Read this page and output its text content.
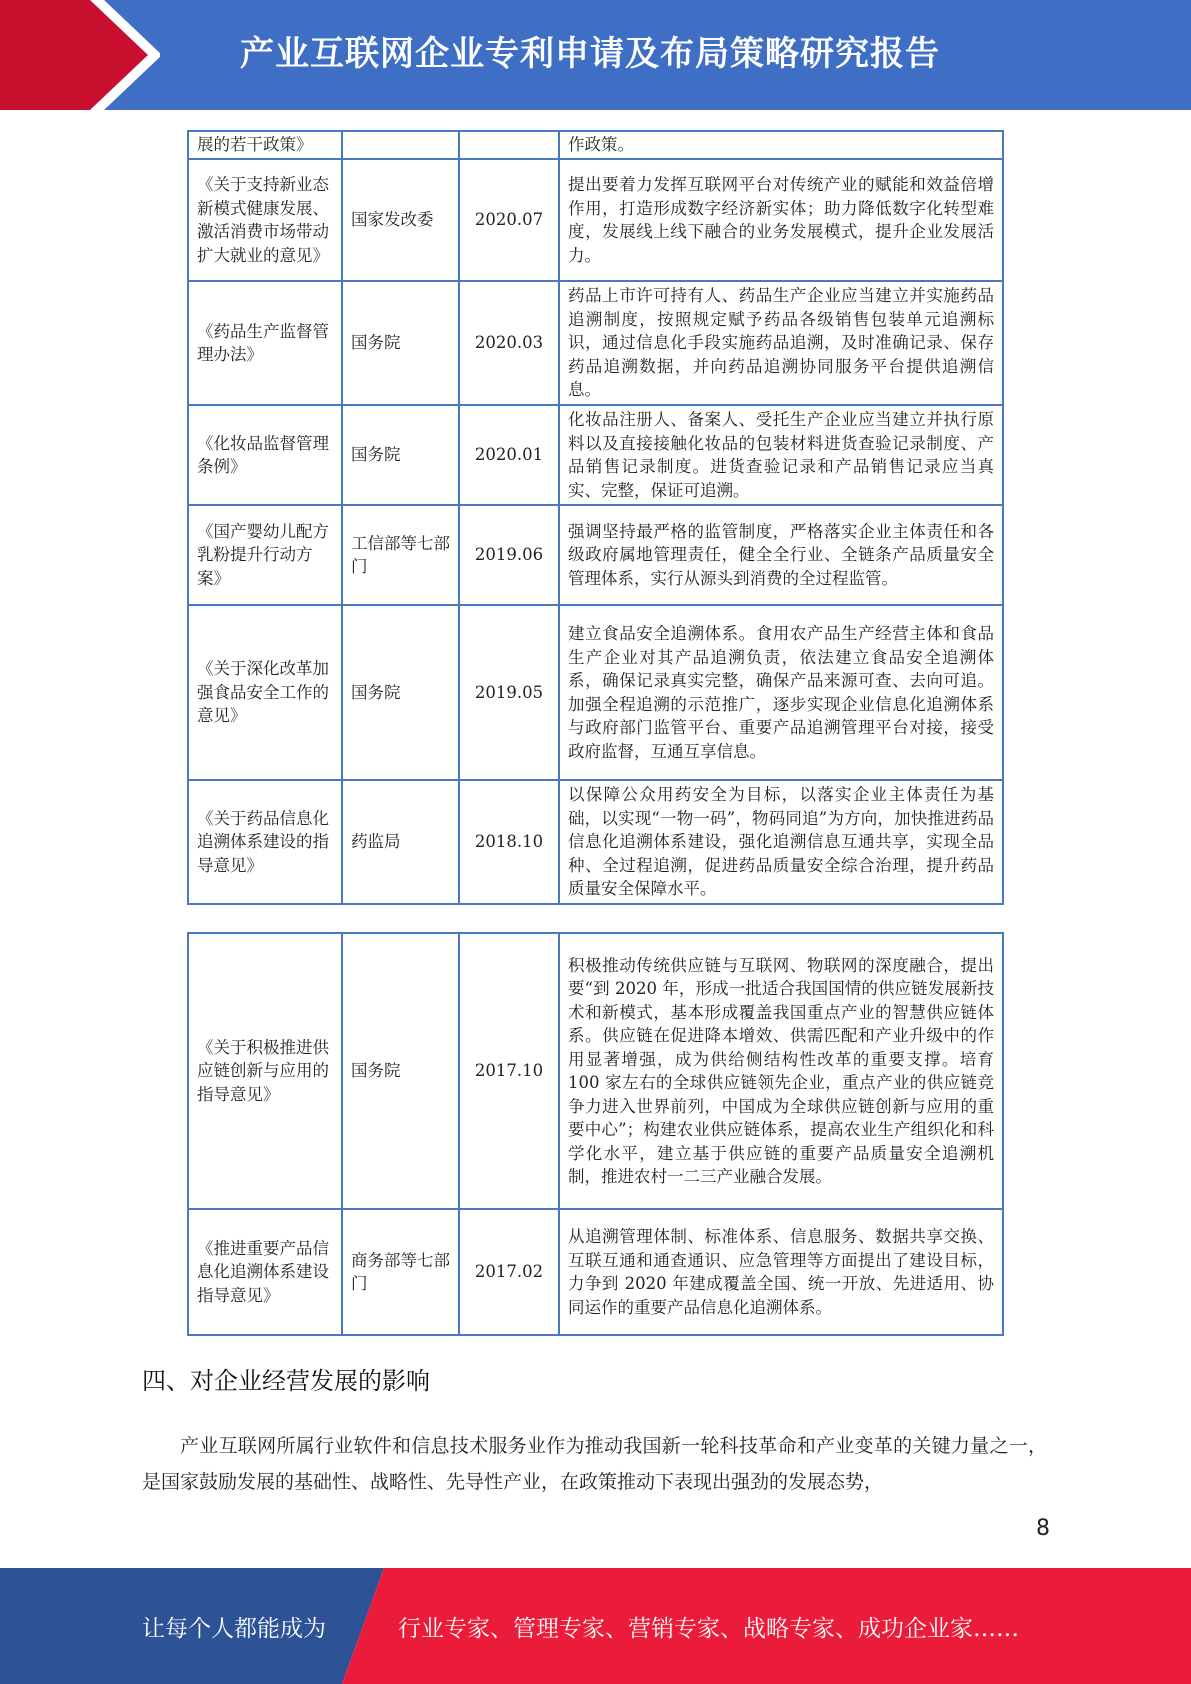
产业互联网企业专利申请及布局策略研究报告
展的若干政策》			作政策。
《关于支持新业态新模式健康发展、激活消费市场带动扩大就业的意见》	国家发改委	2020.07	提出要着力发挥互联网平台对传统产业的赋能和效益倍增作用，打造形成数字经济新实体；助力降低数字化转型难度，发展线上线下融合的业务发展模式，提升企业发展活力。
《药品生产监督管理办法》	国务院	2020.03	药品上市许可持有人、药品生产企业应当建立并实施药品追溯制度，按照规定赋予药品各级销售包装单元追溯标识，通过信息化手段实施药品追溯，及时准确记录、保存药品追溯数据，并向药品追溯协同服务平台提供追溯信息。
《化妆品监督管理条例》	国务院	2020.01	化妆品注册人、备案人、受托生产企业应当建立并执行原料以及直接接触化妆品的包装材料进货查验记录制度、产品销售记录制度。进货查验记录和产品销售记录应当真实、完整，保证可追溯。
《国产婴幼儿配方乳粉提升行动方案》	工信部等七部门	2019.06	强调坚持最严格的监管制度，严格落实企业主体责任和各级政府属地管理责任，健全全行业、全链条产品质量安全管理体系，实行从源头到消费的全过程监管。
《关于深化改革加强食品安全工作的意见》	国务院	2019.05	建立食品安全追溯体系。食用农产品生产经营主体和食品生产企业对其产品追溯负责，依法建立食品安全追溯体系，确保记录真实完整，确保产品来源可查、去向可追。加强全程追溯的示范推广，逐步实现企业信息化追溯体系与政府部门监管平台、重要产品追溯管理平台对接，接受政府监督，互通互享信息。
《关于药品信息化追溯体系建设的指导意见》	药监局	2018.10	以保障公众用药安全为目标，以落实企业主体责任为基础，以实现“一物一码”，物码同追”为方向，加快推进药品信息化追溯体系建设，强化追溯信息互通共享，实现全品种、全过程追溯，促进药品质量安全综合治理，提升药品质量安全保障水平。
《关于积极推进供应链创新与应用的指导意见》	国务院	2017.10	积极推动传统供应链与互联网、物联网的深度融合，提出要“到 2020 年，形成一批适合我国国情的供应链发展新技术和新模式，基本形成覆盖我国重点产业的智慧供应链体系。供应链在促进降本增效、供需匹配和产业升级中的作用显著增强，成为供给侧结构性改革的重要支撑。培育 100 家左右的全球供应链领先企业，重点产业的供应链竞争力进入世界前列，中国成为全球供应链创新与应用的重要中心”；构建农业供应链体系，提高农业生产组织化和科学化水平，建立基于供应链的重要产品质量安全追溯机制，推进农村一二三产业融合发展。
《推进重要产品信息化追溯体系建设指导意见》	商务部等七部门	2017.02	从追溯管理体制、标准体系、信息服务、数据共享交换、互联互通和通查通识、应急管理等方面提出了建设目标，力争到 2020 年建成覆盖全国、统一开放、先进适用、协同运作的重要产品信息化追溯体系。
四、对企业经营发展的影响
产业互联网所属行业软件和信息技术服务业作为推动我国新一轮科技革命和产业变革的关键力量之一，是国家鼓励发展的基础性、战略性、先导性产业，在政策推动下表现出强劲的发展态势，
8
让每个人都能成为	行业专家、管理专家、营销专家、战略专家、成功企业家……
